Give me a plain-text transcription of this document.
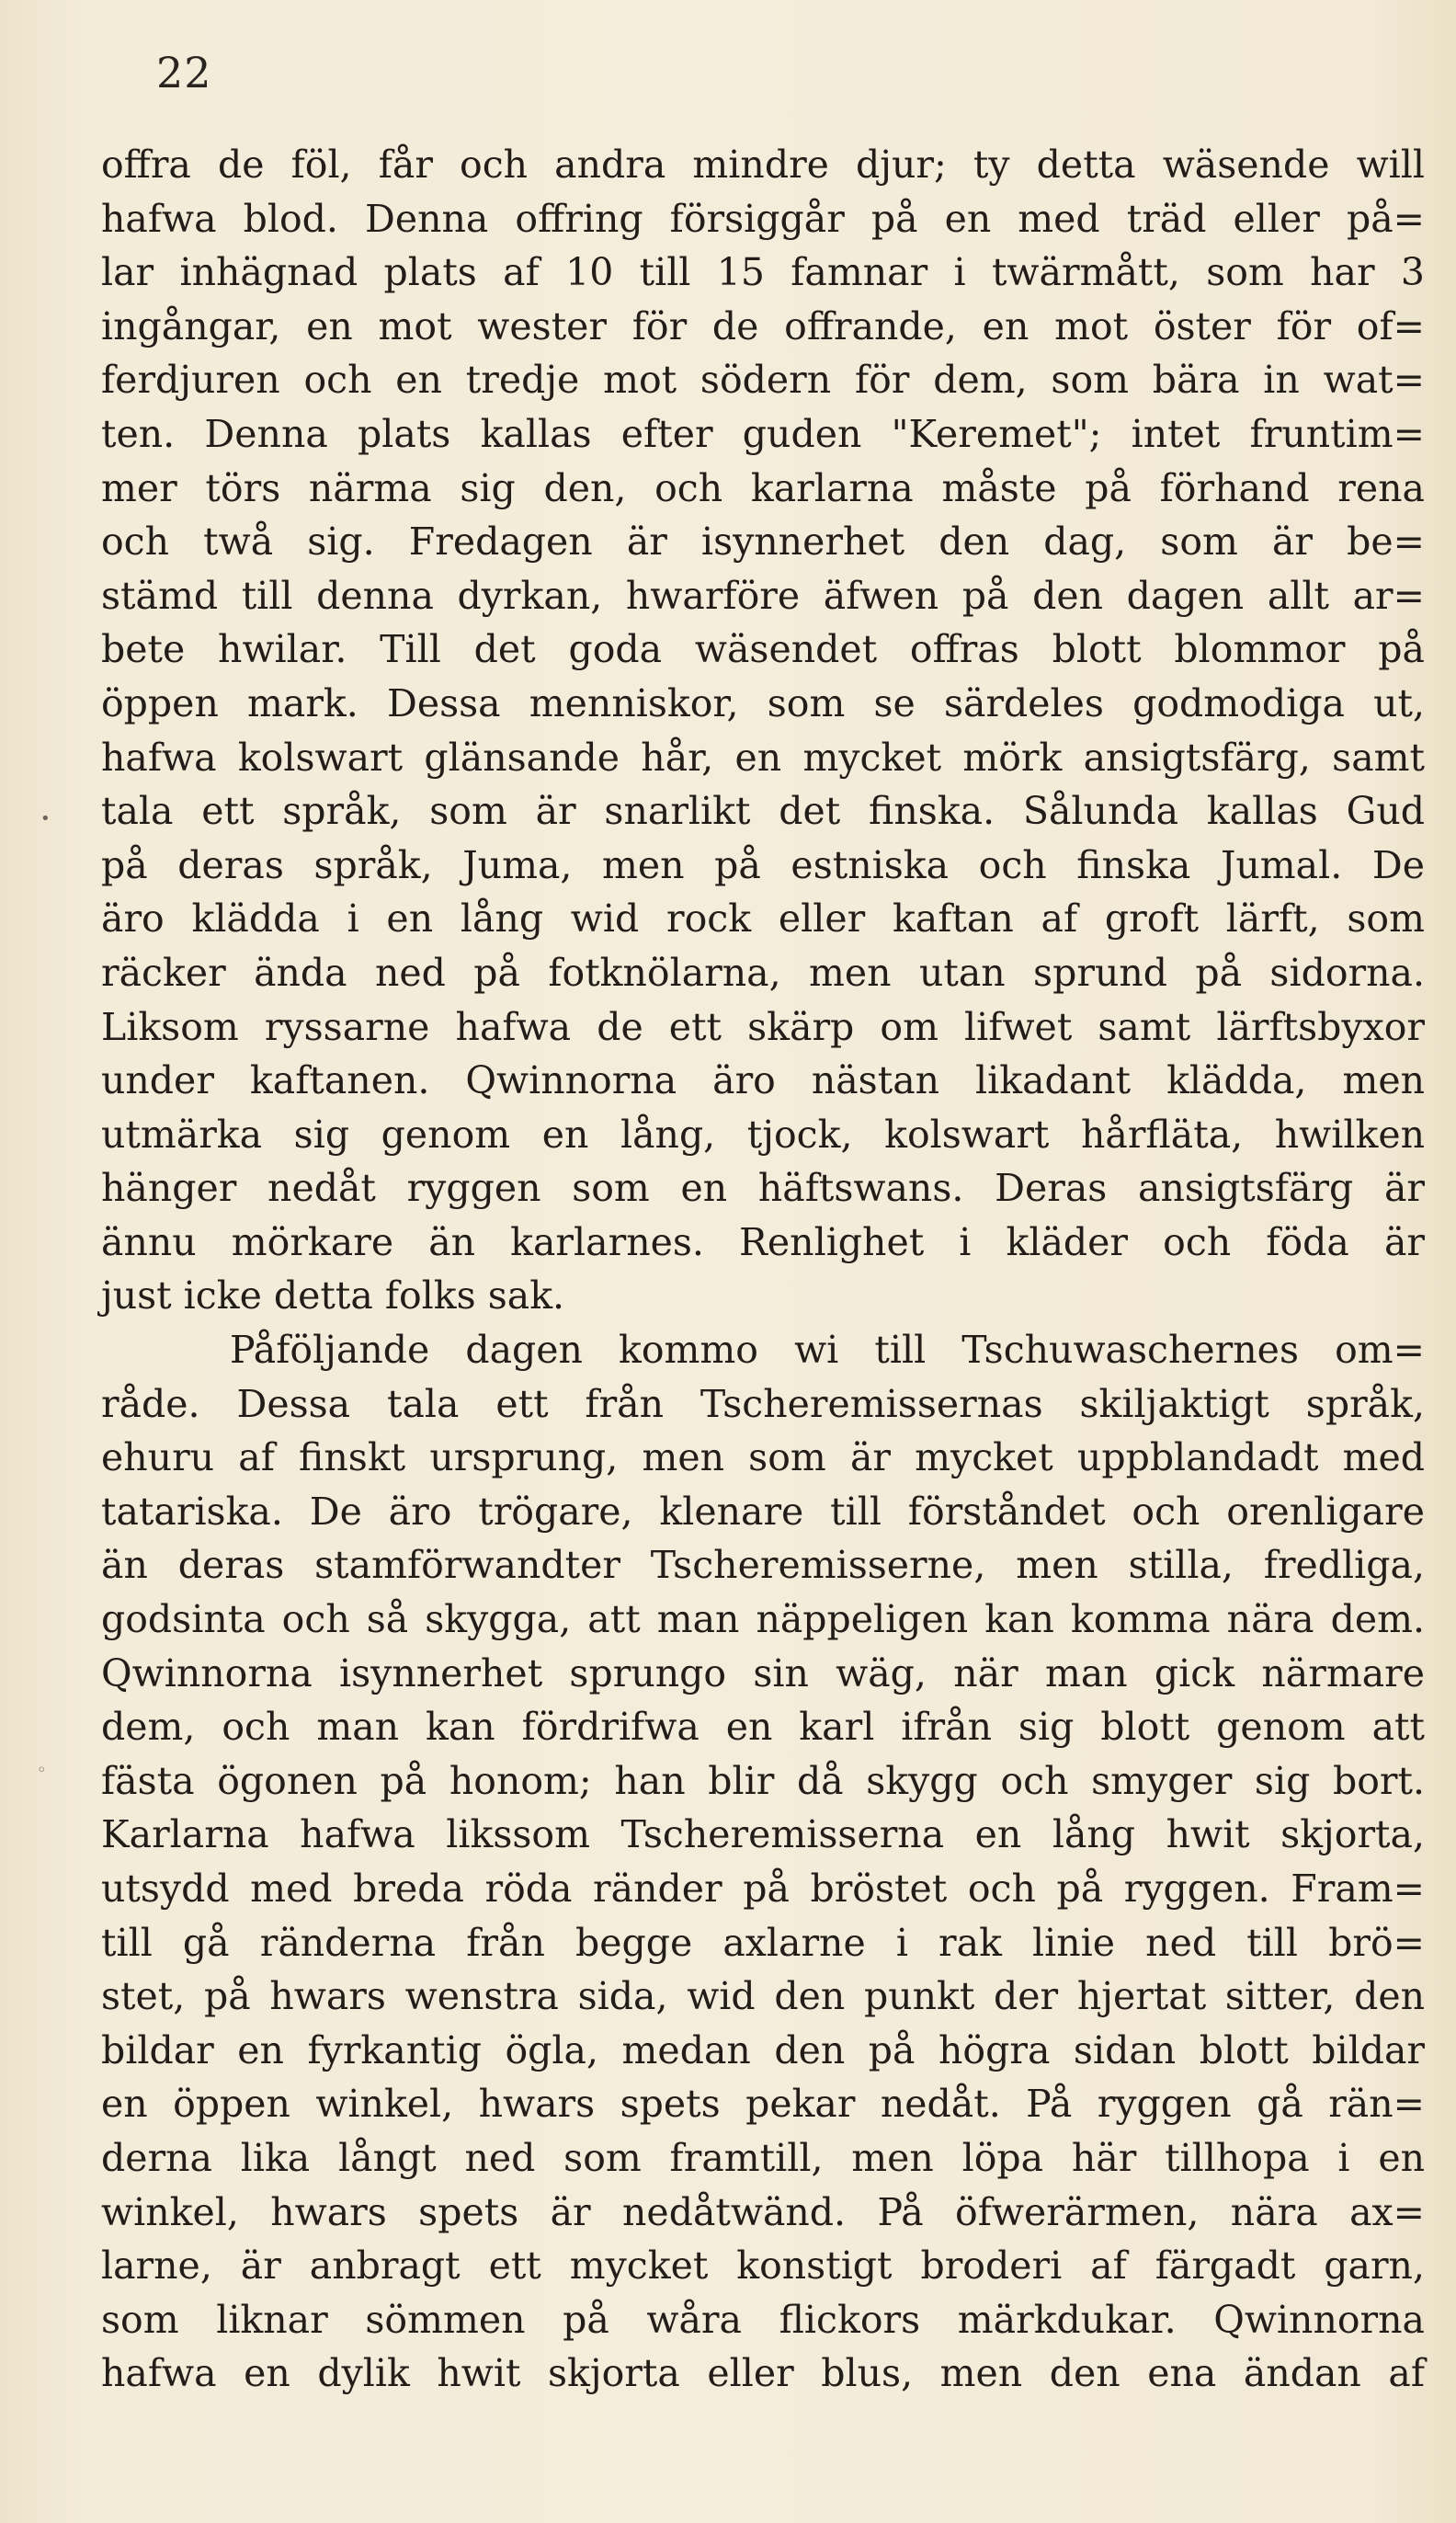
22
•
◦
offra de föl, får och andra mindre djur; ty detta wäsende will
hafwa blod. Denna offring försiggår på en med träd eller på=
lar inhägnad plats af 10 till 15 famnar i twärmått, som har 3
ingångar, en mot wester för de offrande, en mot öster för of=
ferdjuren och en tredje mot södern för dem, som bära in wat=
ten. Denna plats kallas efter guden "Keremet"; intet fruntim=
mer törs närma sig den, och karlarna måste på förhand rena
och twå sig. Fredagen är isynnerhet den dag, som är be=
stämd till denna dyrkan, hwarföre äfwen på den dagen allt ar=
bete hwilar. Till det goda wäsendet offras blott blommor på
öppen mark. Dessa menniskor, som se särdeles godmodiga ut,
hafwa kolswart glänsande hår, en mycket mörk ansigtsfärg, samt
tala ett språk, som är snarlikt det finska. Sålunda kallas Gud
på deras språk, Juma, men på estniska och finska Jumal. De
äro klädda i en lång wid rock eller kaftan af groft lärft, som
räcker ända ned på fotknölarna, men utan sprund på sidorna.
Liksom ryssarne hafwa de ett skärp om lifwet samt lärftsbyxor
under kaftanen. Qwinnorna äro nästan likadant klädda, men
utmärka sig genom en lång, tjock, kolswart hårfläta, hwilken
hänger nedåt ryggen som en häftswans. Deras ansigtsfärg är
ännu mörkare än karlarnes. Renlighet i kläder och föda är
just icke detta folks sak.
Påföljande dagen kommo wi till Tschuwaschernes om=
råde. Dessa tala ett från Tscheremissernas skiljaktigt språk,
ehuru af finskt ursprung, men som är mycket uppblandadt med
tatariska. De äro trögare, klenare till förståndet och orenligare
än deras stamförwandter Tscheremisserne, men stilla, fredliga,
godsinta och så skygga, att man näppeligen kan komma nära dem.
Qwinnorna isynnerhet sprungo sin wäg, när man gick närmare
dem, och man kan fördrifwa en karl ifrån sig blott genom att
fästa ögonen på honom; han blir då skygg och smyger sig bort.
Karlarna hafwa likssom Tscheremisserna en lång hwit skjorta,
utsydd med breda röda ränder på bröstet och på ryggen. Fram=
till gå ränderna från begge axlarne i rak linie ned till brö=
stet, på hwars wenstra sida, wid den punkt der hjertat sitter, den
bildar en fyrkantig ögla, medan den på högra sidan blott bildar
en öppen winkel, hwars spets pekar nedåt. På ryggen gå rän=
derna lika långt ned som framtill, men löpa här tillhopa i en
winkel, hwars spets är nedåtwänd. På öfwerärmen, nära ax=
larne, är anbragt ett mycket konstigt broderi af färgadt garn,
som liknar sömmen på wåra flickors märkdukar. Qwinnorna
hafwa en dylik hwit skjorta eller blus, men den ena ändan af
